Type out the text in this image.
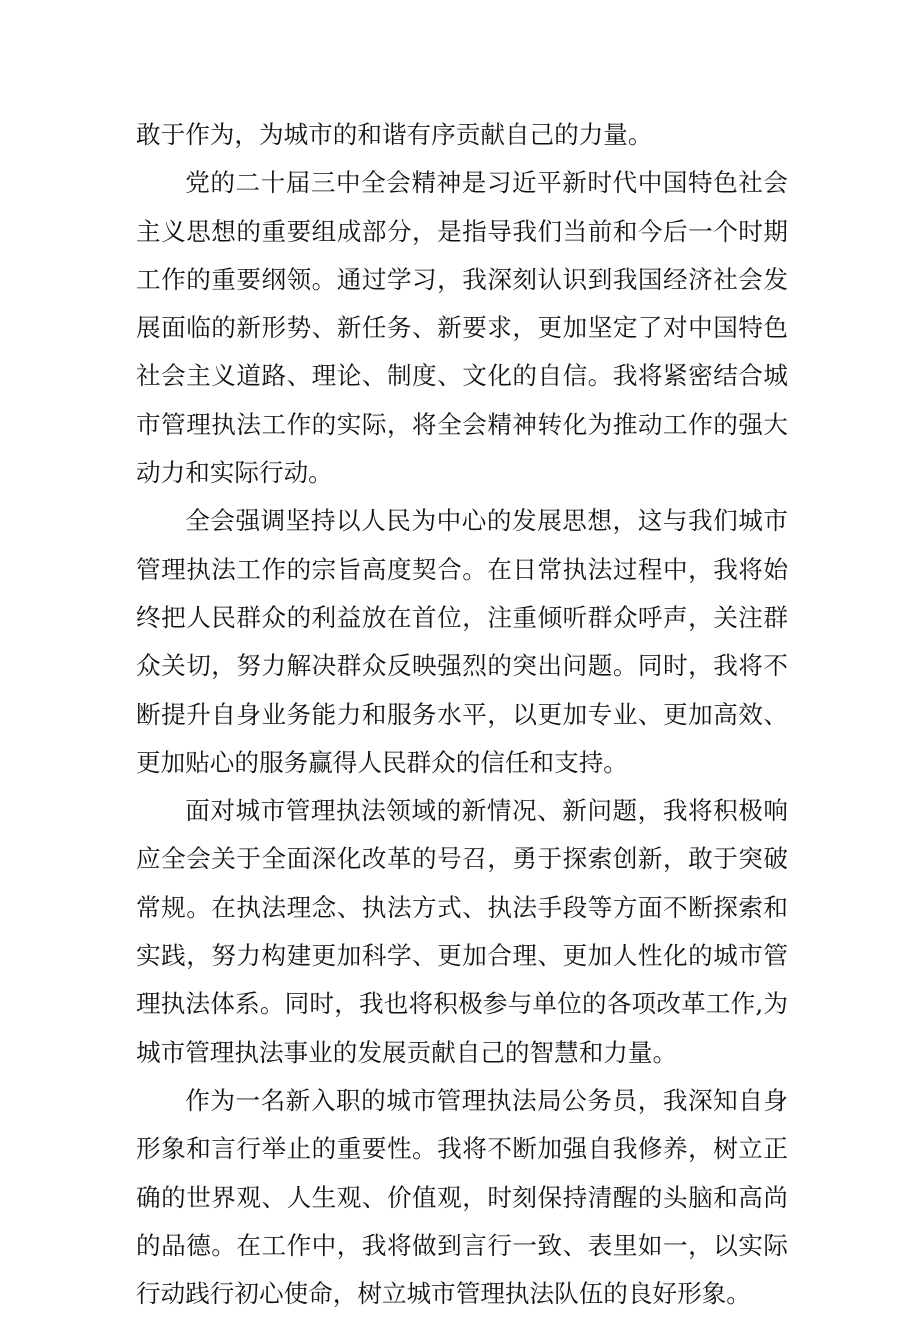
敢于作为，为城市的和谐有序贡献自己的力量。

党的二十届三中全会精神是习近平新时代中国特色社会主义思想的重要组成部分，是指导我们当前和今后一个时期工作的重要纲领。通过学习，我深刻认识到我国经济社会发展面临的新形势、新任务、新要求，更加坚定了对中国特色社会主义道路、理论、制度、文化的自信。我将紧密结合城市管理执法工作的实际，将全会精神转化为推动工作的强大动力和实际行动。

全会强调坚持以人民为中心的发展思想，这与我们城市管理执法工作的宗旨高度契合。在日常执法过程中，我将始终把人民群众的利益放在首位，注重倾听群众呼声，关注群众关切，努力解决群众反映强烈的突出问题。同时，我将不断提升自身业务能力和服务水平，以更加专业、更加高效、更加贴心的服务赢得人民群众的信任和支持。

面对城市管理执法领域的新情况、新问题，我将积极响应全会关于全面深化改革的号召，勇于探索创新，敢于突破常规。在执法理念、执法方式、执法手段等方面不断探索和实践，努力构建更加科学、更加合理、更加人性化的城市管理执法体系。同时，我也将积极参与单位的各项改革工作,为城市管理执法事业的发展贡献自己的智慧和力量。

作为一名新入职的城市管理执法局公务员，我深知自身形象和言行举止的重要性。我将不断加强自我修养，树立正确的世界观、人生观、价值观，时刻保持清醒的头脑和高尚的品德。在工作中，我将做到言行一致、表里如一，以实际行动践行初心使命，树立城市管理执法队伍的良好形象。
